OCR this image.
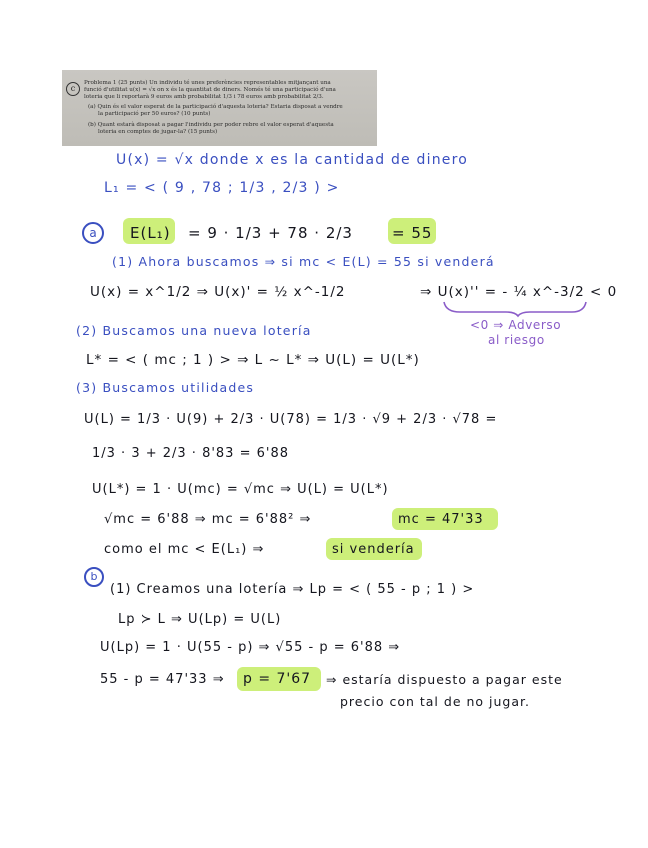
c
Problema 1 (25 punts) Un individu té unes preferències representables mitjançant una
funció d'utilitat u(x) = √x on x és la quantitat de diners. Només té una participació d'una
loteria que li reportarà 9 euros amb probabilitat 1/3 i 78 euros amb probabilitat 2/3.
(a) Quin és el valor esperat de la participació d'aquesta loteria? Estaria disposat a vendre
la participació per 50 euros? (10 punts)
(b) Quant estarà disposat a pagar l'individu per poder rebre el valor esperat d'aquesta
loteria en comptes de jugar-la? (15 punts)
U(x) = √x donde x es la cantidad de dinero
L₁ = < ( 9 , 78 ; 1/3 , 2/3 ) >
a	E(L₁) = 9 · 1/3 + 78 · 2/3	= 55
(1) Ahora buscamos ⇒ si mc < E(L) = 55 si venderá
U(x) = x^1/2 ⇒ U(x)' = ½ x^-1/2	⇒ U(x)'' = - ¼ x^-3/2 < 0
<0 ⇒ Adverso
al riesgo
(2) Buscamos una nueva lotería
L* = < ( mc ; 1 ) > ⇒ L ~ L* ⇒ U(L) = U(L*)
(3) Buscamos utilidades
U(L) = 1/3 · U(9) + 2/3 · U(78) = 1/3 · √9 + 2/3 · √78 =
1/3 · 3 + 2/3 · 8'83 = 6'88
U(L*) = 1 · U(mc) = √mc ⇒ U(L) = U(L*)
√mc = 6'88 ⇒ mc = 6'88² ⇒	mc = 47'33
como el mc < E(L₁) ⇒	si vendería
b
(1) Creamos una lotería ⇒ Lp = < ( 55 - p ; 1 ) >
Lp ≻ L ⇒ U(Lp) = U(L)
U(Lp) = 1 · U(55 - p) ⇒ √55 - p = 6'88 ⇒
55 - p = 47'33 ⇒ p = 7'67 ⇒ estaría dispuesto a pagar este
precio con tal de no jugar.
